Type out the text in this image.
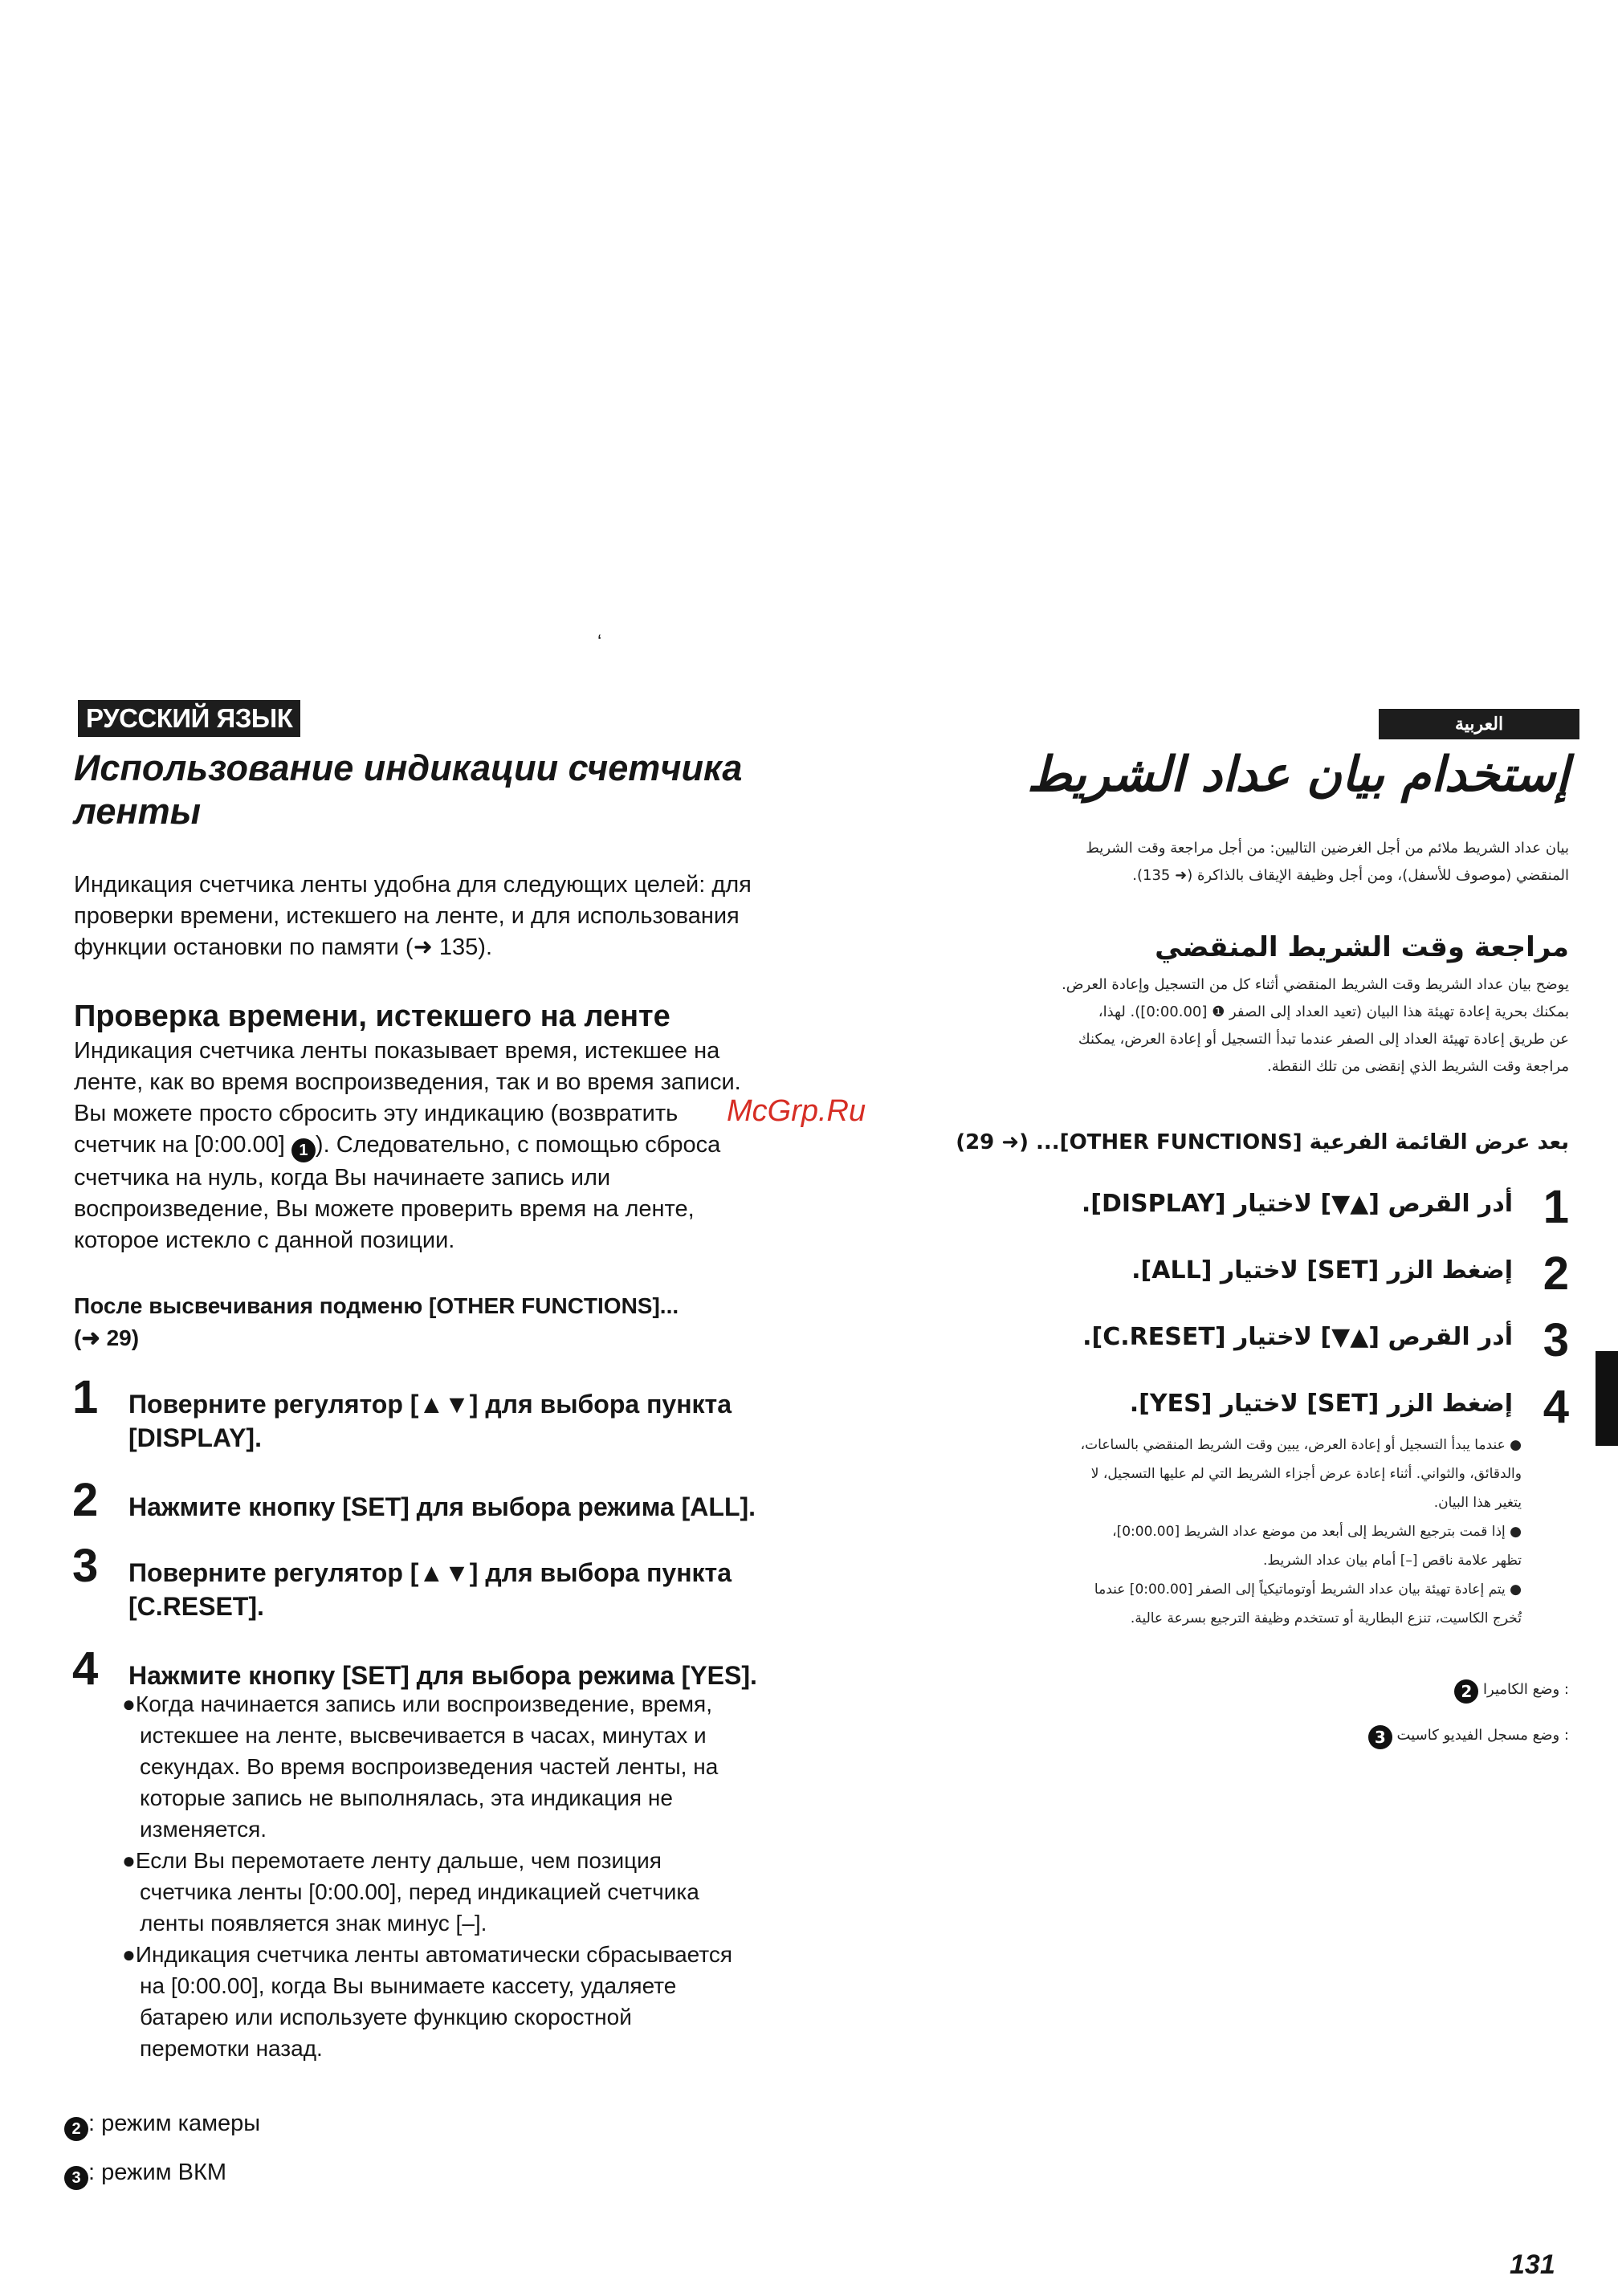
‘
РУССКИЙ ЯЗЫК
Использование индикации счетчика
ленты
Индикация счетчика ленты удобна для следующих целей: для
проверки времени, истекшего на ленте, и для использования
функции остановки по памяти (➜ 135).
Проверка времени, истекшего на ленте
Индикация счетчика ленты показывает время, истекшее на
ленте, как во время воспроизведения, так и во время записи.
Вы можете просто сбросить эту индикацию (возвратить
счетчик на [0:00.00] 1 ). Следовательно, с помощью сброса
счетчика на нуль, когда Вы начинаете запись или
воспроизведение, Вы можете проверить время на ленте,
которое истекло с данной позиции.
После высвечивания подменю [OTHER FUNCTIONS]...
(➜ 29)
1 Поверните регулятор [▲▼] для выбора пункта
[DISPLAY].
2 Нажмите кнопку [SET] для выбора режима [ALL].
3 Поверните регулятор [▲▼] для выбора пункта
[C.RESET].
4 Нажмите кнопку [SET] для выбора режима [YES].

●Когда начинается запись или воспроизведение, время,
истекшее на ленте, высвечивается в часах, минутах и
секундах. Во время воспроизведения частей ленты, на
которые запись не выполнялась, эта индикация не
изменяется.

●Если Вы перемотаете ленту дальше, чем позиция
счетчика ленты [0:00.00], перед индикацией счетчика
ленты появляется знак минус [–].

●Индикация счетчика ленты автоматически сбрасывается
на [0:00.00], когда Вы вынимаете кассету, удаляете
батарею или используете функцию скоростной
перемотки назад.

2 : режим камеры
3 : режим ВКМ
McGrp.Ru
العربية
إستخدام بيان عداد الشريط
بيان عداد الشريط ملائم من أجل الغرضين التاليين: من أجل مراجعة وقت الشريط
المنقضي (موصوف للأسفل)، ومن أجل وظيفة الإيقاف بالذاكرة (➜ 135).
مراجعة وقت الشريط المنقضي
يوضح بيان عداد الشريط وقت الشريط المنقضي أثناء كل من التسجيل وإعادة العرض.
بمكنك بحرية إعادة تهيئة هذا البيان (تعيد العداد إلى الصفر ❶ [0:00.00]). لهذا،
عن طريق إعادة تهيئة العداد إلى الصفر عندما تبدأ التسجيل أو إعادة العرض، يمكنك
مراجعة وقت الشريط الذي إنقضى من تلك النقطة.
بعد عرض القائمة الفرعية [OTHER FUNCTIONS]... (➜ 29)
1
أدر القرص [▲▼] لاختيار [DISPLAY].
2
إضغط الزر [SET] لاختيار [ALL].
3
أدر القرص [▲▼] لاختيار [C.RESET].
4
إضغط الزر [SET] لاختيار [YES].
● عندما يبدأ التسجيل أو إعادة العرض، يبين وقت الشريط المنقضي بالساعات،
والدقائق، والثواني. أثناء إعادة عرض أجزاء الشريط التي لم عليها التسجيل، لا
يتغير هذا البيان.
● إذا قمت بترجيع الشريط إلى أبعد من موضع عداد الشريط [0:00.00]،
تظهر علامة ناقص [–] أمام بيان عداد الشريط.
● يتم إعادة تهيئة بيان عداد الشريط أوتوماتيكياً إلى الصفر [0:00.00] عندما
تُخرج الكاسيت، تنزع البطارية أو تستخدم وظيفة الترجيع بسرعة عالية.
: وضع الكاميرا 2
: وضع مسجل الفيديو كاسيت 3
131
